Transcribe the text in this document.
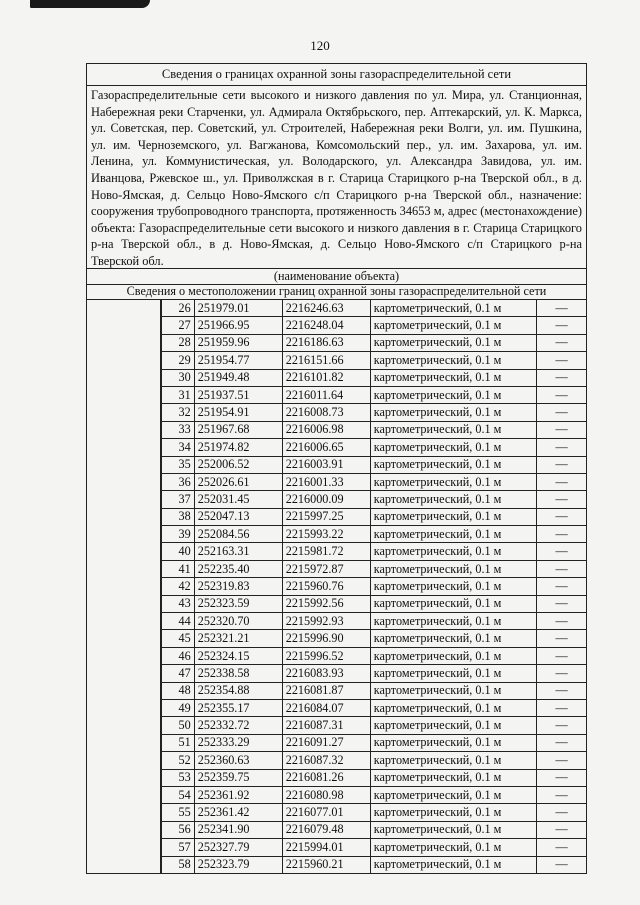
120
Сведения о границах охранной зоны газораспределительной сети
Газораспределительные сети высокого и низкого давления по ул. Мира, ул. Станционная, Набережная реки Старченки, ул. Адмирала Октябрьского, пер. Аптекарский, ул. К. Маркса, ул. Советская, пер. Советский, ул. Строителей, Набережная реки Волги, ул. им. Пушкина, ул. им. Черноземского, ул. Вагжанова, Комсомольский пер., ул. им. Захарова, ул. им. Ленина, ул. Коммунистическая, ул. Володарского, ул. Александра Завидова, ул. им. Иванцова, Ржевское ш., ул. Приволжская в г. Старица Старицкого р-на Тверской обл., в д. Ново-Ямская, д. Сельцо Ново-Ямского с/п Старицкого р-на Тверской обл., назначение: сооружения трубопроводного транспорта, протяженность 34653 м, адрес (местонахождение) объекта: Газораспределительные сети высокого и низкого давления в г. Старица Старицкого р-на Тверской обл., в д. Ново-Ямская, д. Сельцо Ново-Ямского с/п Старицкого р-на Тверской обл.
(наименование объекта)
Сведения о местоположении границ охранной зоны газораспределительной сети
26	251979.01	2216246.63	картометрический, 0.1 м	—
27	251966.95	2216248.04	картометрический, 0.1 м	—
28	251959.96	2216186.63	картометрический, 0.1 м	—
29	251954.77	2216151.66	картометрический, 0.1 м	—
30	251949.48	2216101.82	картометрический, 0.1 м	—
31	251937.51	2216011.64	картометрический, 0.1 м	—
32	251954.91	2216008.73	картометрический, 0.1 м	—
33	251967.68	2216006.98	картометрический, 0.1 м	—
34	251974.82	2216006.65	картометрический, 0.1 м	—
35	252006.52	2216003.91	картометрический, 0.1 м	—
36	252026.61	2216001.33	картометрический, 0.1 м	—
37	252031.45	2216000.09	картометрический, 0.1 м	—
38	252047.13	2215997.25	картометрический, 0.1 м	—
39	252084.56	2215993.22	картометрический, 0.1 м	—
40	252163.31	2215981.72	картометрический, 0.1 м	—
41	252235.40	2215972.87	картометрический, 0.1 м	—
42	252319.83	2215960.76	картометрический, 0.1 м	—
43	252323.59	2215992.56	картометрический, 0.1 м	—
44	252320.70	2215992.93	картометрический, 0.1 м	—
45	252321.21	2215996.90	картометрический, 0.1 м	—
46	252324.15	2215996.52	картометрический, 0.1 м	—
47	252338.58	2216083.93	картометрический, 0.1 м	—
48	252354.88	2216081.87	картометрический, 0.1 м	—
49	252355.17	2216084.07	картометрический, 0.1 м	—
50	252332.72	2216087.31	картометрический, 0.1 м	—
51	252333.29	2216091.27	картометрический, 0.1 м	—
52	252360.63	2216087.32	картометрический, 0.1 м	—
53	252359.75	2216081.26	картометрический, 0.1 м	—
54	252361.92	2216080.98	картометрический, 0.1 м	—
55	252361.42	2216077.01	картометрический, 0.1 м	—
56	252341.90	2216079.48	картометрический, 0.1 м	—
57	252327.79	2215994.01	картометрический, 0.1 м	—
58	252323.79	2215960.21	картометрический, 0.1 м	—
